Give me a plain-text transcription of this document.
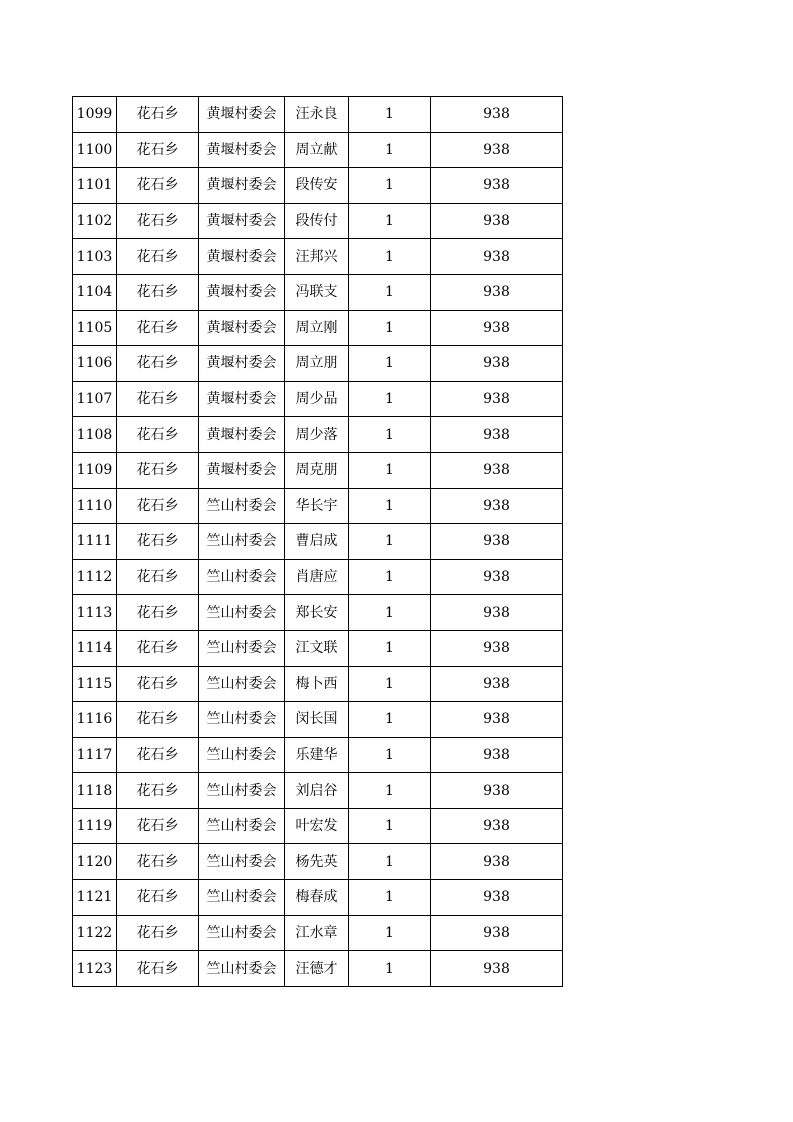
1099	花石乡	黄堰村委会	汪永良	1	938
1100	花石乡	黄堰村委会	周立献	1	938
1101	花石乡	黄堰村委会	段传安	1	938
1102	花石乡	黄堰村委会	段传付	1	938
1103	花石乡	黄堰村委会	汪邦兴	1	938
1104	花石乡	黄堰村委会	冯联支	1	938
1105	花石乡	黄堰村委会	周立刚	1	938
1106	花石乡	黄堰村委会	周立朋	1	938
1107	花石乡	黄堰村委会	周少品	1	938
1108	花石乡	黄堰村委会	周少落	1	938
1109	花石乡	黄堰村委会	周克朋	1	938
1110	花石乡	竺山村委会	华长宇	1	938
1111	花石乡	竺山村委会	曹启成	1	938
1112	花石乡	竺山村委会	肖唐应	1	938
1113	花石乡	竺山村委会	郑长安	1	938
1114	花石乡	竺山村委会	江文联	1	938
1115	花石乡	竺山村委会	梅卜西	1	938
1116	花石乡	竺山村委会	闵长国	1	938
1117	花石乡	竺山村委会	乐建华	1	938
1118	花石乡	竺山村委会	刘启谷	1	938
1119	花石乡	竺山村委会	叶宏发	1	938
1120	花石乡	竺山村委会	杨先英	1	938
1121	花石乡	竺山村委会	梅春成	1	938
1122	花石乡	竺山村委会	江水章	1	938
1123	花石乡	竺山村委会	汪德才	1	938
